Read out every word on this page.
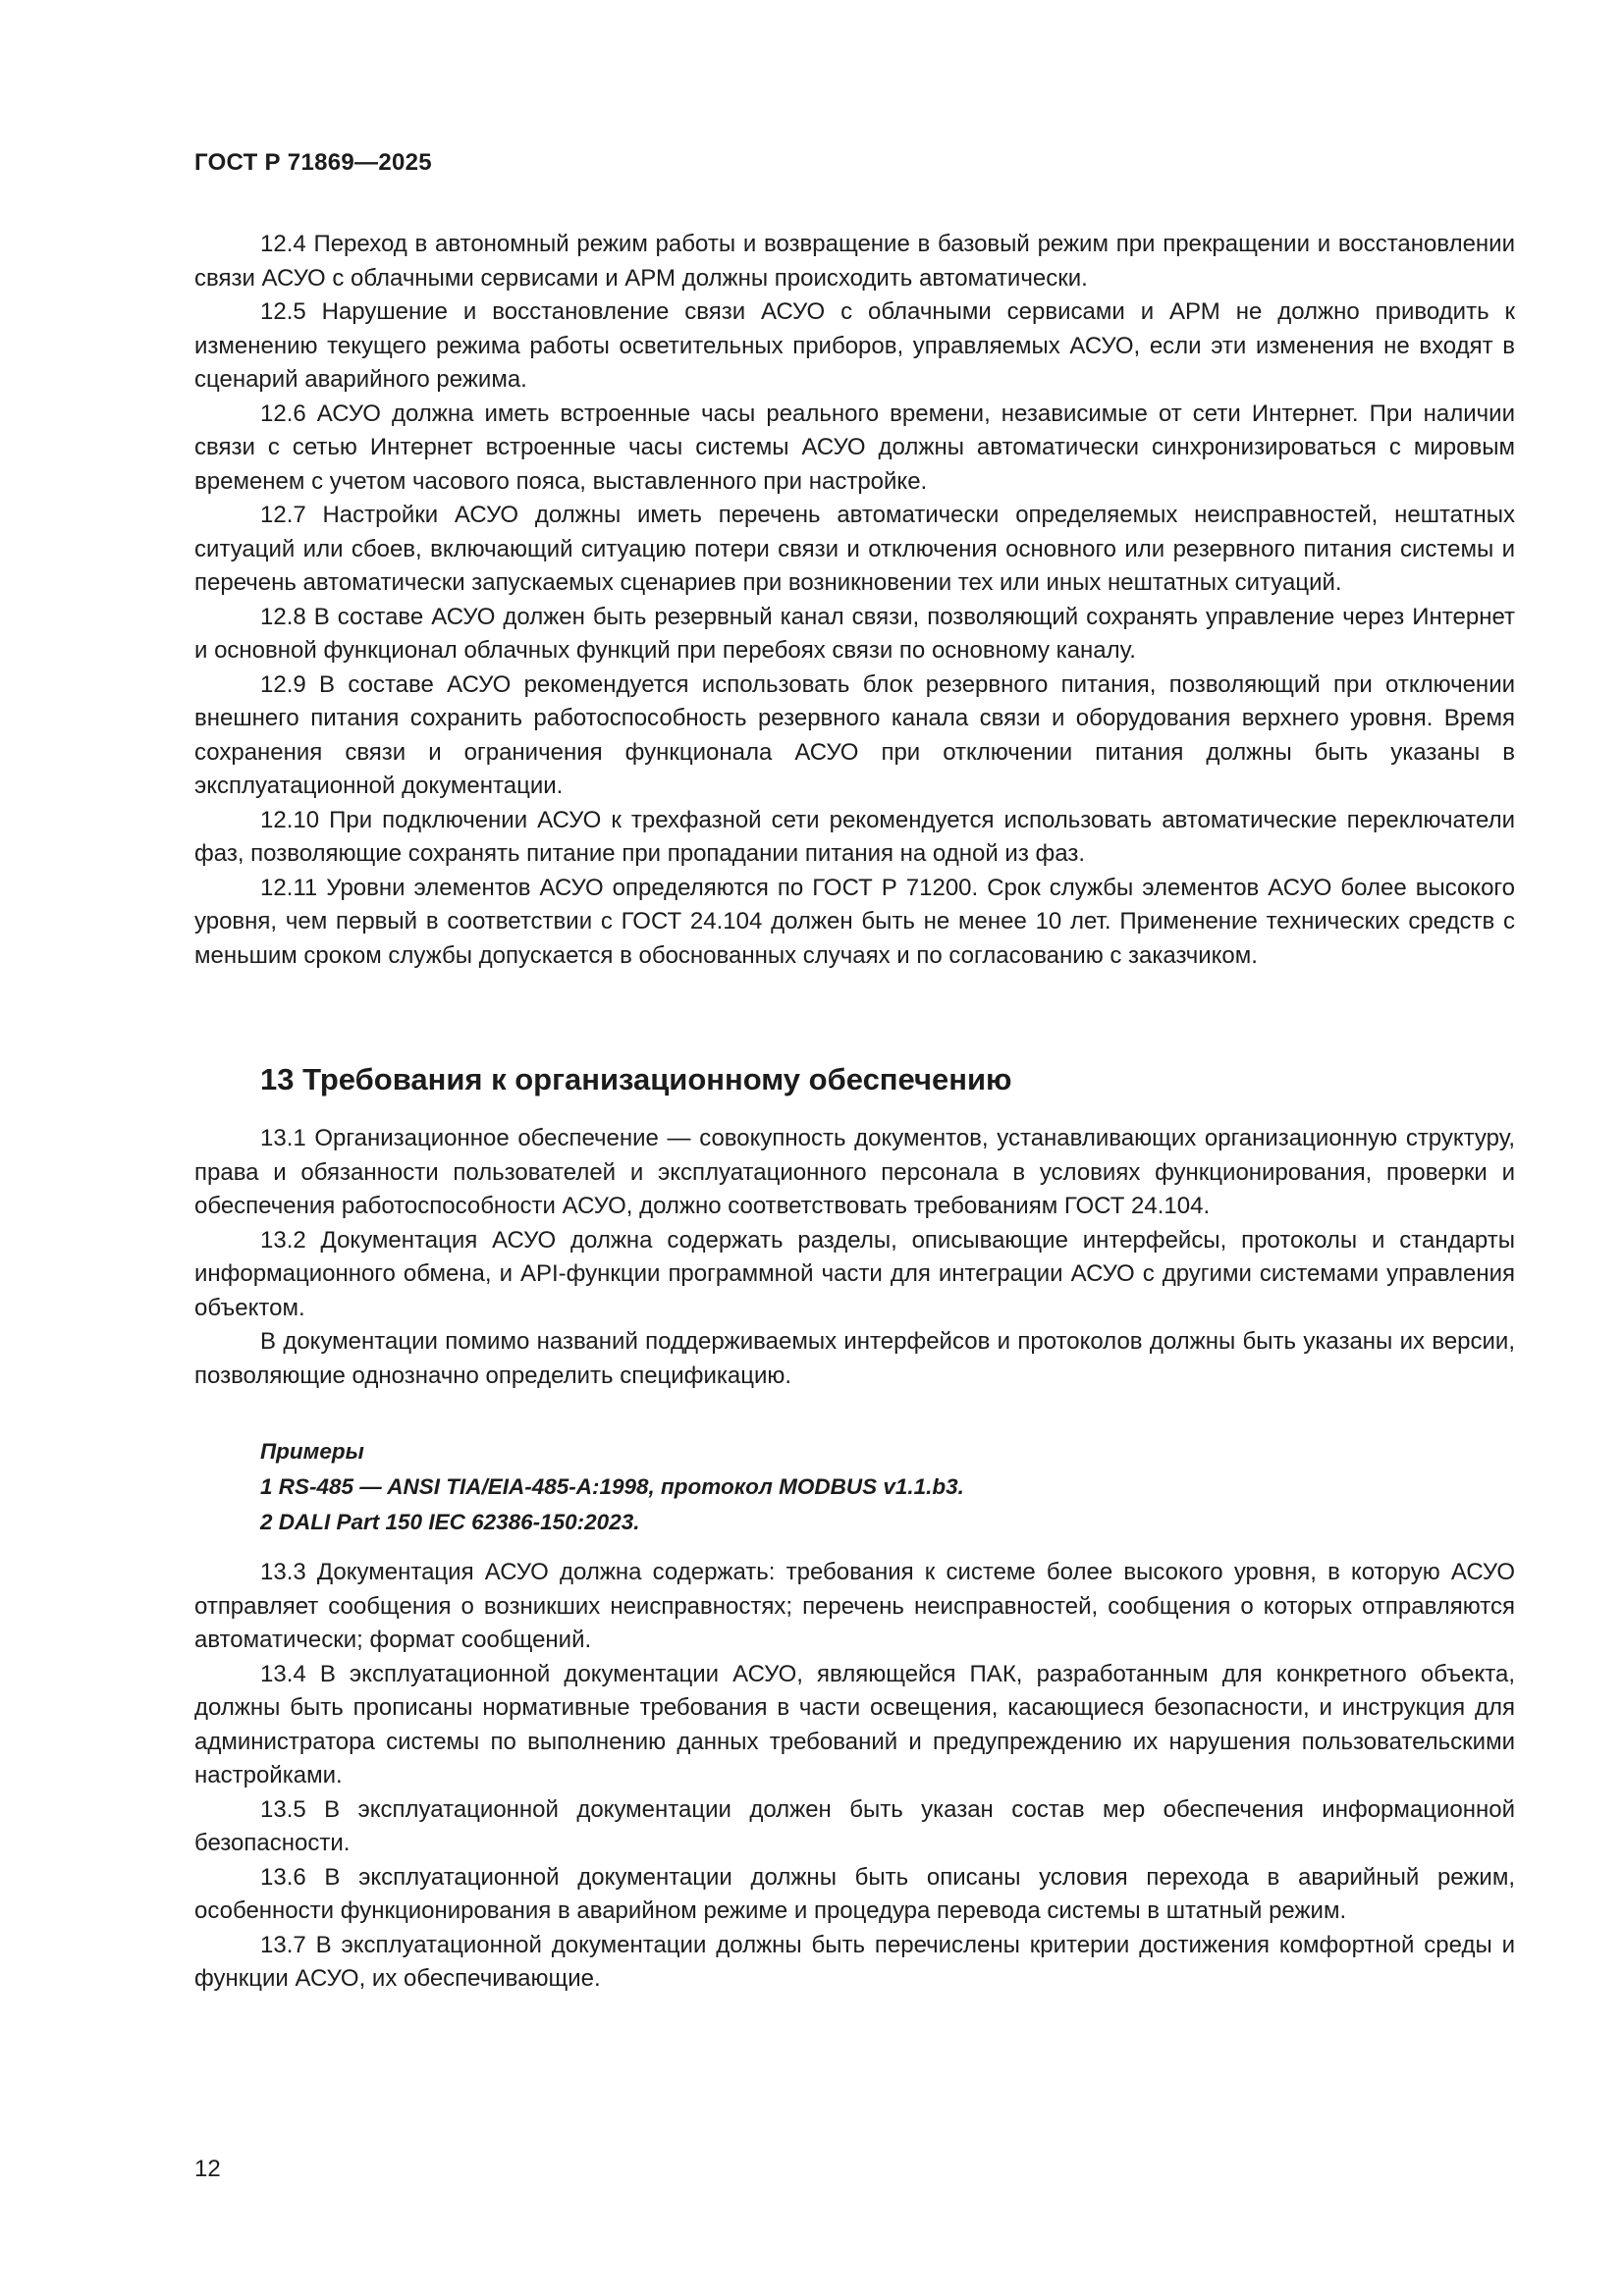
ГОСТ Р 71869—2025

12.4 Переход в автономный режим работы и возвращение в базовый режим при прекращении и восстановлении связи АСУО с облачными сервисами и АРМ должны происходить автоматически.

12.5 Нарушение и восстановление связи АСУО с облачными сервисами и АРМ не должно приводить к изменению текущего режима работы осветительных приборов, управляемых АСУО, если эти изменения не входят в сценарий аварийного режима.

12.6 АСУО должна иметь встроенные часы реального времени, независимые от сети Интернет. При наличии связи с сетью Интернет встроенные часы системы АСУО должны автоматически синхронизироваться с мировым временем с учетом часового пояса, выставленного при настройке.

12.7 Настройки АСУО должны иметь перечень автоматически определяемых неисправностей, нештатных ситуаций или сбоев, включающий ситуацию потери связи и отключения основного или резервного питания системы и перечень автоматически запускаемых сценариев при возникновении тех или иных нештатных ситуаций.

12.8 В составе АСУО должен быть резервный канал связи, позволяющий сохранять управление через Интернет и основной функционал облачных функций при перебоях связи по основному каналу.

12.9 В составе АСУО рекомендуется использовать блок резервного питания, позволяющий при отключении внешнего питания сохранить работоспособность резервного канала связи и оборудования верхнего уровня. Время сохранения связи и ограничения функционала АСУО при отключении питания должны быть указаны в эксплуатационной документации.

12.10 При подключении АСУО к трехфазной сети рекомендуется использовать автоматические переключатели фаз, позволяющие сохранять питание при пропадании питания на одной из фаз.

12.11 Уровни элементов АСУО определяются по ГОСТ Р 71200. Срок службы элементов АСУО более высокого уровня, чем первый в соответствии с ГОСТ 24.104 должен быть не менее 10 лет. Применение технических средств с меньшим сроком службы допускается в обоснованных случаях и по согласованию с заказчиком.

13 Требования к организационному обеспечению

13.1 Организационное обеспечение — совокупность документов, устанавливающих организационную структуру, права и обязанности пользователей и эксплуатационного персонала в условиях функционирования, проверки и обеспечения работоспособности АСУО, должно соответствовать требованиям ГОСТ 24.104.

13.2 Документация АСУО должна содержать разделы, описывающие интерфейсы, протоколы и стандарты информационного обмена, и API-функции программной части для интеграции АСУО с другими системами управления объектом.

В документации помимо названий поддерживаемых интерфейсов и протоколов должны быть указаны их версии, позволяющие однозначно определить спецификацию.

Примеры
1 RS-485 — ANSI TIA/EIA-485-A:1998, протокол MODBUS v1.1.b3.
2 DALI Part 150 IEC 62386-150:2023.

13.3 Документация АСУО должна содержать: требования к системе более высокого уровня, в которую АСУО отправляет сообщения о возникших неисправностях; перечень неисправностей, сообщения о которых отправляются автоматически; формат сообщений.

13.4 В эксплуатационной документации АСУО, являющейся ПАК, разработанным для конкретного объекта, должны быть прописаны нормативные требования в части освещения, касающиеся безопасности, и инструкция для администратора системы по выполнению данных требований и предупреждению их нарушения пользовательскими настройками.

13.5 В эксплуатационной документации должен быть указан состав мер обеспечения информационной безопасности.

13.6 В эксплуатационной документации должны быть описаны условия перехода в аварийный режим, особенности функционирования в аварийном режиме и процедура перевода системы в штатный режим.

13.7 В эксплуатационной документации должны быть перечислены критерии достижения комфортной среды и функции АСУО, их обеспечивающие.

12
